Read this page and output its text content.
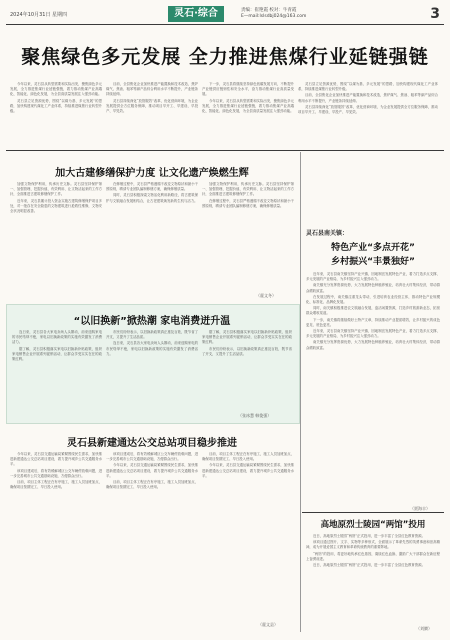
2024年10月31日 星期四	灵石·综合	责编：崔艳霞 校对：牛青霞
E—mail:lslsdbj024@163.com	3
聚焦绿色多元发展 全力推进焦煤行业延链强链

今年以来，灵石县从转型需要和实际出发，聚焦绿色多元发展，全力推进焦煤行业延链强链，着力推动焦煤产业高端化、智能化、绿色化发展，为全县高质量发展注入强劲动能。

灵石县立足资源优势，围绕“以煤为基、多元发展”的思路，加快构建现代煤化工产业体系，持续推进煤焦行业转型升级。

目前，全县焦化企业加快推进产能置换和技术改造，焦炉煤气、焦油、粗苯等副产品综合利用水平不断提升，产业链条持续延伸。

灵石县持续深化“放管服效”改革，优化营商环境，为企业发展提供全方位服务保障，推动项目早开工、早建设、早投产、早见效。

下一步，灵石县将继续坚持绿色低碳发展方向，不断提升产业链供应链韧性和安全水平，奋力推动焦煤行业高质量发展。

今年以来，灵石县从转型需要和实际出发，聚焦绿色多元发展，全力推进焦煤行业延链强链，着力推动焦煤产业高端化、智能化、绿色化发展，为全县高质量发展注入强劲动能。

灵石县立足资源优势，围绕“以煤为基、多元发展”的思路，加快构建现代煤化工产业体系，持续推进煤焦行业转型升级。

目前，全县焦化企业加快推进产能置换和技术改造，焦炉煤气、焦油、粗苯等副产品综合利用水平不断提升，产业链条持续延伸。

灵石县持续深化“放管服效”改革，优化营商环境，为企业发展提供全方位服务保障，推动项目早开工、早建设、早投产、早见效。

加大古建修缮保护力度 让文化遗产焕燃生辉

加强文物保护利用，传承历史文脉。灵石县坚持保护第一、加强管理、挖掘价值、有效利用、让文物活起来的工作方针，全面推进古建筑修缮保护工作。

近年来，灵石县累计投入资金实施古建筑修缮保护项目多处，对一批存在安全隐患的文物建筑进行抢救性维修，文物安全状况明显改善。

在修缮过程中，灵石县严格遵循不改变文物原状和最小干预原则，聘请专业团队编制修缮方案，确保修缮质量。

同时，灵石县积极探索文物活化利用新路径，将古建筑保护与文旅融合发展相结合，让古老建筑焕发新的生机与活力。

加强文物保护利用，传承历史文脉。灵石县坚持保护第一、加强管理、挖掘价值、有效利用、让文物活起来的工作方针，全面推进古建筑修缮保护工作。

在修缮过程中，灵石县严格遵循不改变文物原状和最小干预原则，聘请专业团队编制修缮方案，确保修缮质量。

（霍文冬）
“以旧换新”掀热潮 家电消费迸升温

连日来，灵石县各大家电卖场人头攒动，前来选购家电的市民络绎不绝，家电以旧换新政策的实施有效激发了消费活力。

据了解，灵石县积极落实家电以旧换新补贴政策，组织家电销售企业开展系列促销活动，让群众享受实实在在的政策红利。

市民们纷纷表示，以旧换新政策真正惠及百姓，既节省了开支，又提升了生活品质。

连日来，灵石县各大家电卖场人头攒动，前来选购家电的市民络绎不绝，家电以旧换新政策的实施有效激发了消费活力。

据了解，灵石县积极落实家电以旧换新补贴政策，组织家电销售企业开展系列促销活动，让群众享受实实在在的政策红利。

市民们纷纷表示，以旧换新政策真正惠及百姓，既节省了开支，又提升了生活品质。

（张冰慧 韩俊强）
灵石县新建通达公交总站项目稳步推进

今年以来，灵石县交通运输局紧紧围绕民生需求，加快推进新建通达公交总站项目建设，着力提升城乡公共交通服务水平。

该项目建成后，将有效缓解城区公交车辆停放难问题，进一步完善城市公共交通基础设施，方便群众出行。

目前，项目主体工程正在有序施工，施工人员加班加点，确保项目按期完工、早日投入使用。

该项目建成后，将有效缓解城区公交车辆停放难问题，进一步完善城市公共交通基础设施，方便群众出行。

今年以来，灵石县交通运输局紧紧围绕民生需求，加快推进新建通达公交总站项目建设，着力提升城乡公共交通服务水平。

目前，项目主体工程正在有序施工，施工人员加班加点，确保项目按期完工、早日投入使用。

目前，项目主体工程正在有序施工，施工人员加班加点，确保项目按期完工、早日投入使用。

今年以来，灵石县交通运输局紧紧围绕民生需求，加快推进新建通达公交总站项目建设，着力提升城乡公共交通服务水平。

（霍文县）
灵石县南关镇：
特色产业“多点开花”
乡村振兴“丰景独好”

近年来，灵石县南关镇坚持产业兴镇，因地制宜发展特色产业，着力打造多点支撑、多元发展的产业格局，为乡村振兴注入强劲动力。

南关镇充分发挥资源优势，大力发展特色种植养殖业，培育壮大村集体经济，带动群众增收致富。

在发展过程中，南关镇注重龙头带动，引进培育农业经营主体，推动特色产业规模化、标准化、品牌化发展。

同时，南关镇积极推进农文旅融合发展，盘活闲置资源，打造乡村旅游新业态，拓宽群众增收渠道。

下一步，南关镇将继续做好土特产文章，持续推动产业提质增效，让乡村振兴的成色更足、底色更亮。

近年来，灵石县南关镇坚持产业兴镇，因地制宜发展特色产业，着力打造多点支撑、多元发展的产业格局，为乡村振兴注入强劲动力。

南关镇充分发挥资源优势，大力发展特色种植养殖业，培育壮大村集体经济，带动群众增收致富。

（贾海丰）
高地原烈士陵园“两馆”投用

近日，高地原烈士陵园“两馆”正式投用，进一步丰富了全县红色教育资源。

该项目通过图片、文字、实物等多种形式，全面展示了革命先烈的英勇事迹和崇高精神，成为开展爱国主义教育和革命传统教育的重要阵地。

“两馆”的投用，将更好地传承红色基因，赓续红色血脉，激励广大干部群众在新征程上奋勇前进。

近日，高地原烈士陵园“两馆”正式投用，进一步丰富了全县红色教育资源。

（刘腾）
